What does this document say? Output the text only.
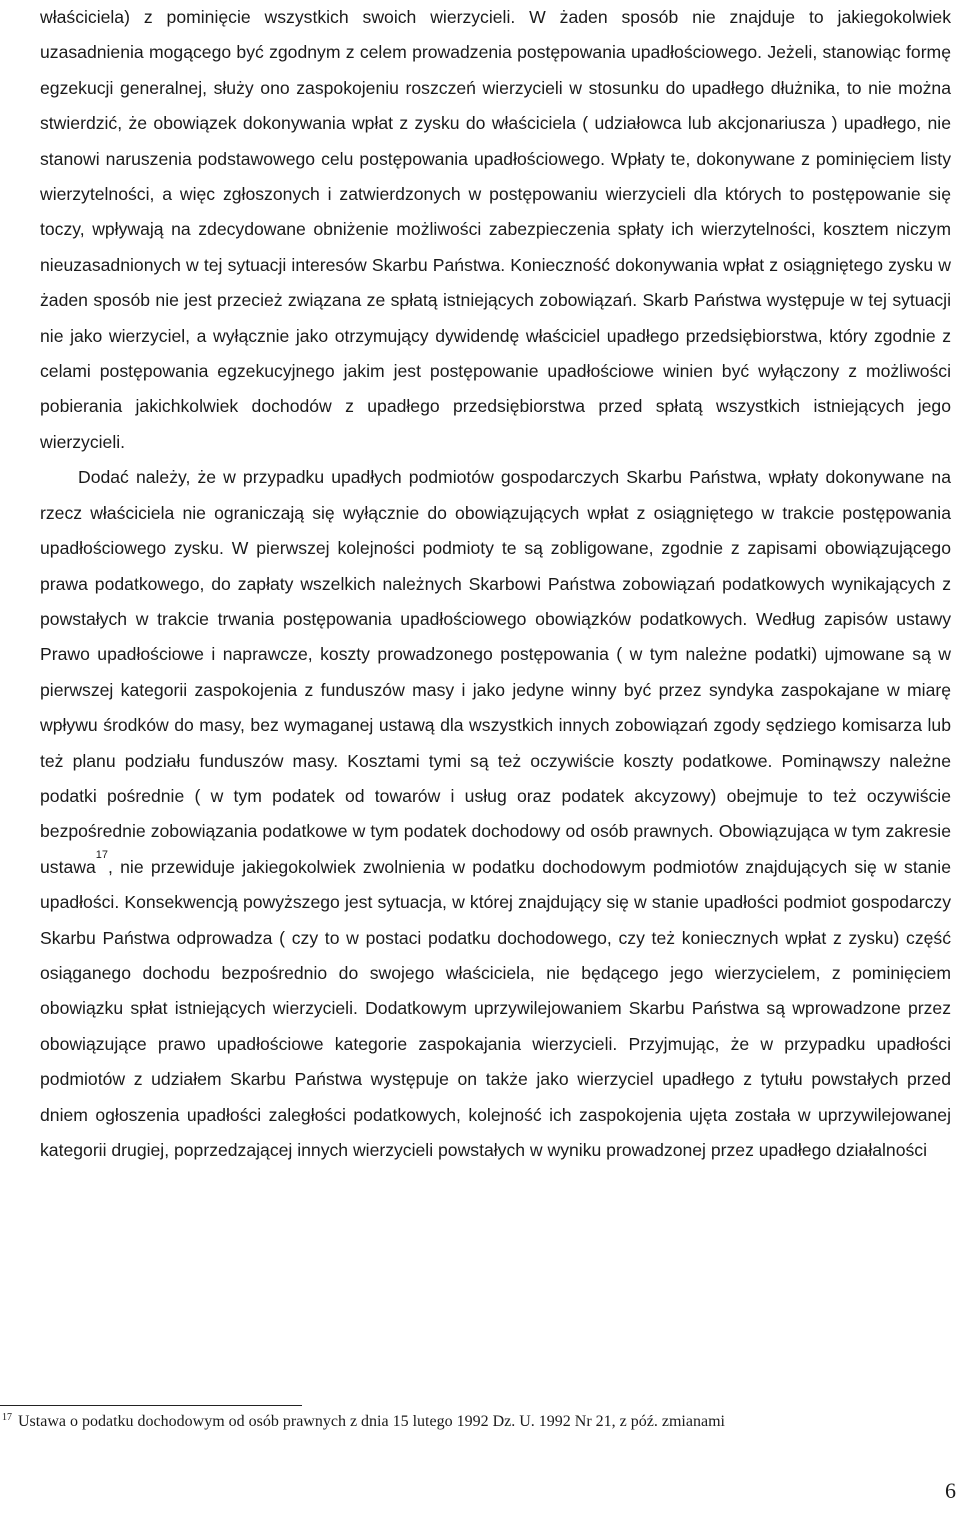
właściciela) z pominięcie wszystkich swoich wierzycieli. W żaden sposób nie znajduje to jakiegokolwiek uzasadnienia mogącego być zgodnym z celem prowadzenia postępowania upadłościowego. Jeżeli, stanowiąc formę egzekucji generalnej, służy ono zaspokojeniu roszczeń wierzycieli w stosunku do upadłego dłużnika, to nie można stwierdzić, że obowiązek dokonywania wpłat z zysku do właściciela ( udziałowca lub akcjonariusza ) upadłego, nie stanowi naruszenia podstawowego celu postępowania upadłościowego. Wpłaty te, dokonywane z pominięciem listy wierzytelności, a więc zgłoszonych i zatwierdzonych w postępowaniu wierzycieli dla których to postępowanie się toczy, wpływają na zdecydowane obniżenie możliwości zabezpieczenia spłaty ich wierzytelności, kosztem niczym nieuzasadnionych w tej sytuacji interesów Skarbu Państwa. Konieczność dokonywania wpłat z osiągniętego zysku w żaden sposób nie jest przecież związana ze spłatą istniejących zobowiązań. Skarb Państwa występuje w tej sytuacji nie jako wierzyciel, a wyłącznie jako otrzymujący dywidendę właściciel upadłego przedsiębiorstwa, który zgodnie z celami postępowania egzekucyjnego jakim jest postępowanie upadłościowe winien być wyłączony z możliwości pobierania jakichkolwiek dochodów z upadłego przedsiębiorstwa przed spłatą wszystkich istniejących jego wierzycieli.

Dodać należy, że w przypadku upadłych podmiotów gospodarczych Skarbu Państwa, wpłaty dokonywane na rzecz właściciela nie ograniczają się wyłącznie do obowiązujących wpłat z osiągniętego w trakcie postępowania upadłościowego zysku. W pierwszej kolejności podmioty te są zobligowane, zgodnie z zapisami obowiązującego prawa podatkowego, do zapłaty wszelkich należnych Skarbowi Państwa zobowiązań podatkowych wynikających z powstałych w trakcie trwania postępowania upadłościowego obowiązków podatkowych. Według zapisów ustawy Prawo upadłościowe i naprawcze, koszty prowadzonego postępowania ( w tym należne podatki) ujmowane są w pierwszej kategorii zaspokojenia z funduszów masy i jako jedyne winny być przez syndyka zaspokajane w miarę wpływu środków do masy, bez wymaganej ustawą dla wszystkich innych zobowiązań zgody sędziego komisarza lub też planu podziału funduszów masy. Kosztami tymi są też oczywiście koszty podatkowe. Pominąwszy należne podatki pośrednie ( w tym podatek od towarów i usług oraz podatek akcyzowy) obejmuje to też oczywiście bezpośrednie zobowiązania podatkowe w tym podatek dochodowy od osób prawnych. Obowiązująca w tym zakresie ustawa$^{17}$, nie przewiduje jakiegokolwiek zwolnienia w podatku dochodowym podmiotów znajdujących się w stanie upadłości. Konsekwencją powyższego jest sytuacja, w której znajdujący się w stanie upadłości podmiot gospodarczy Skarbu Państwa odprowadza ( czy to w postaci podatku dochodowego, czy też koniecznych wpłat z zysku) część osiąganego dochodu bezpośrednio do swojego właściciela, nie będącego jego wierzycielem, z pominięciem obowiązku spłat istniejących wierzycieli. Dodatkowym uprzywilejowaniem Skarbu Państwa są wprowadzone przez obowiązujące prawo upadłościowe kategorie zaspokajania wierzycieli. Przyjmując, że w przypadku upadłości podmiotów z udziałem Skarbu Państwa występuje on także jako wierzyciel upadłego z tytułu powstałych przed dniem ogłoszenia upadłości zaległości podatkowych, kolejność ich zaspokojenia ujęta została w uprzywilejowanej kategorii drugiej, poprzedzającej innych wierzycieli powstałych w wyniku prowadzonej przez upadłego działalności

$^{17}$ Ustawa o podatku dochodowym od osób prawnych z dnia 15 lutego 1992 Dz. U. 1992 Nr 21, z póź. zmianami
6
